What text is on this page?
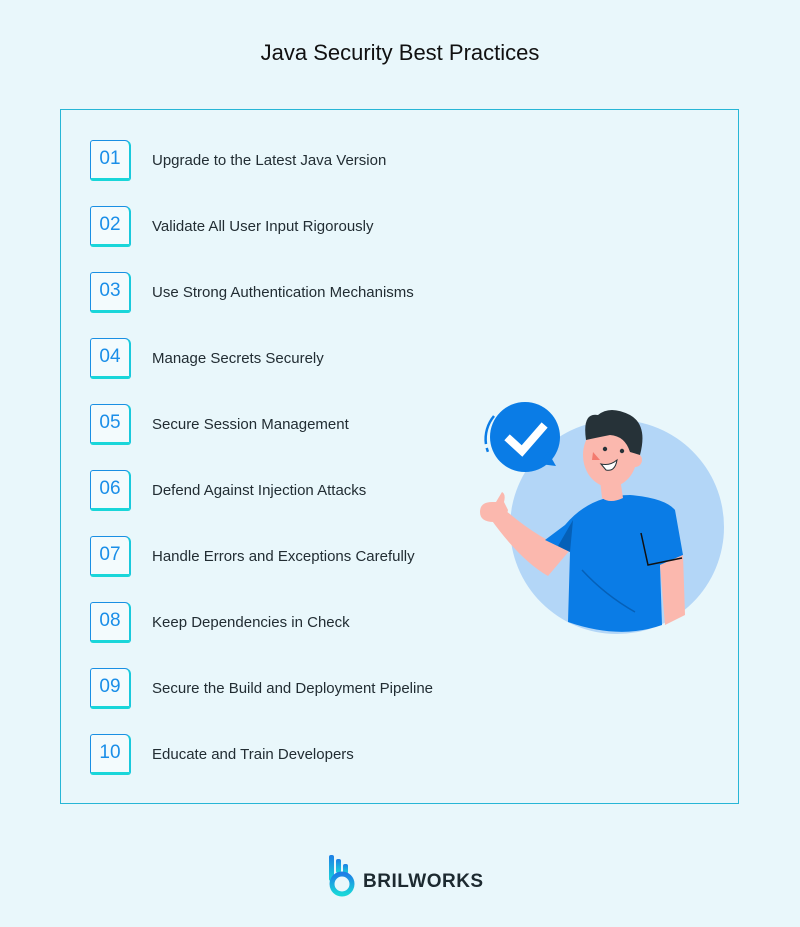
Java Security Best Practices
01	Upgrade to the Latest Java Version
02	Validate All User Input Rigorously
03	Use Strong Authentication Mechanisms
04	Manage Secrets Securely
05	Secure Session Management
06	Defend Against Injection Attacks
07	Handle Errors and Exceptions Carefully
08	Keep Dependencies in Check
09	Secure the Build and Deployment Pipeline
10	Educate and Train Developers
BRILWORKS
